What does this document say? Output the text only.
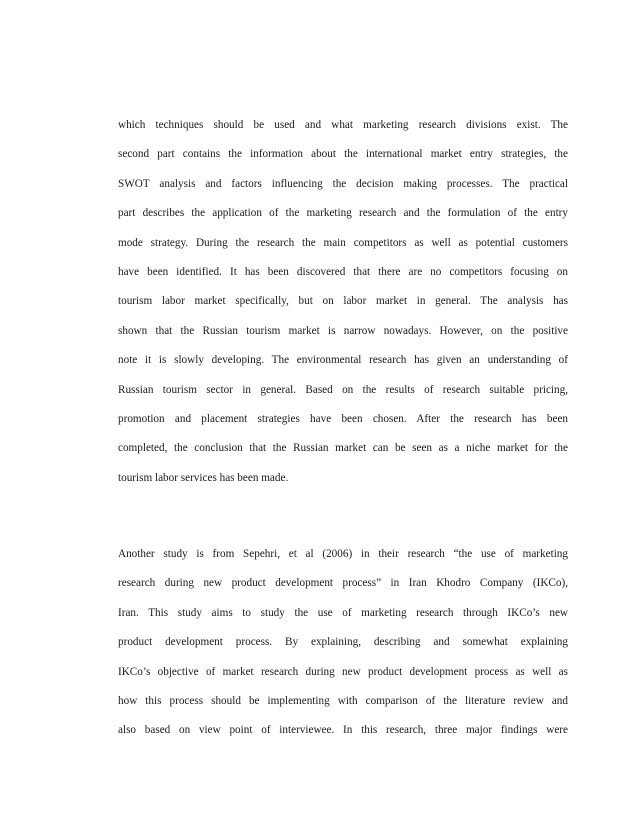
which techniques should be used and what marketing research divisions exist. The
second part contains the information about the international market entry strategies, the
SWOT analysis and factors influencing the decision making processes. The practical
part describes the application of the marketing research and the formulation of the entry
mode strategy. During the research the main competitors as well as potential customers
have been identified. It has been discovered that there are no competitors focusing on
tourism labor market specifically, but on labor market in general. The analysis has
shown that the Russian tourism market is narrow nowadays. However, on the positive
note it is slowly developing. The environmental research has given an understanding of
Russian tourism sector in general. Based on the results of research suitable pricing,
promotion and placement strategies have been chosen. After the research has been
completed, the conclusion that the Russian market can be seen as a niche market for the
tourism labor services has been made.
Another study is from Sepehri, et al (2006) in their research “the use of marketing
research during new product development process” in Iran Khodro Company (IKCo),
Iran. This study aims to study the use of marketing research through IKCo’s new
product development process. By explaining, describing and somewhat explaining
IKCo’s objective of market research during new product development process as well as
how this process should be implementing with comparison of the literature review and
also based on view point of interviewee. In this research, three major findings were
